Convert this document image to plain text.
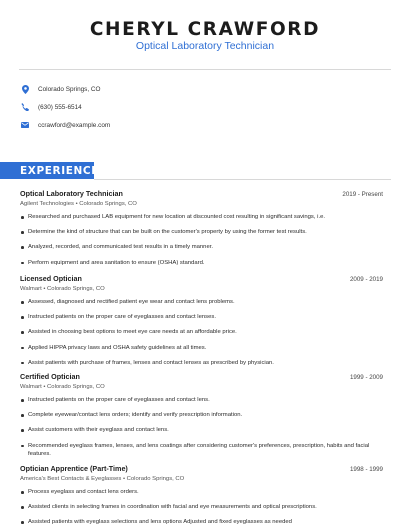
CHERYL CRAWFORD
Optical Laboratory Technician
Colorado Springs, CO
(630) 555-6514
ccrawford@example.com
EXPERIENCE
Optical Laboratory Technician	2019 - Present
Agilent Technologies • Colorado Springs, CO
Researched and purchased LAB equipment for new location at discounted cost resulting in significant savings, i.e.
Determine the kind of structure that can be built on the customer's property by using the former test results.
Analyzed, recorded, and communicated test results in a timely manner.
Perform equipment and area sanitation to ensure (OSHA) standard.
Licensed Optician	2009 - 2019
Walmart • Colorado Springs, CO
Assessed, diagnosed and rectified patient eye wear and contact lens problems.
Instructed patients on the proper care of eyeglasses and contact lenses.
Assisted in choosing best options to meet eye care needs at an affordable price.
Applied HIPPA privacy laws and OSHA safety guidelines at all times.
Assist patients with purchase of frames, lenses and contact lenses as prescribed by physician.
Certified Optician	1999 - 2009
Walmart • Colorado Springs, CO
Instructed patients on the proper care of eyeglasses and contact lens.
Complete eyewear/contact lens orders; identify and verify prescription information.
Assist customers with their eyeglass and contact lens.
Recommended eyeglass frames, lenses, and lens coatings after considering customer's preferences, prescription, habits and facial features.
Optician Apprentice (Part-Time)	1998 - 1999
America's Best Contacts & Eyeglasses • Colorado Springs, CO
Process eyeglass and contact lens orders.
Assisted clients in selecting frames in coordination with facial and eye measurements and optical prescriptions.
Assisted patients with eyeglass selections and lens options Adjusted and fixed eyeglasses as needed
